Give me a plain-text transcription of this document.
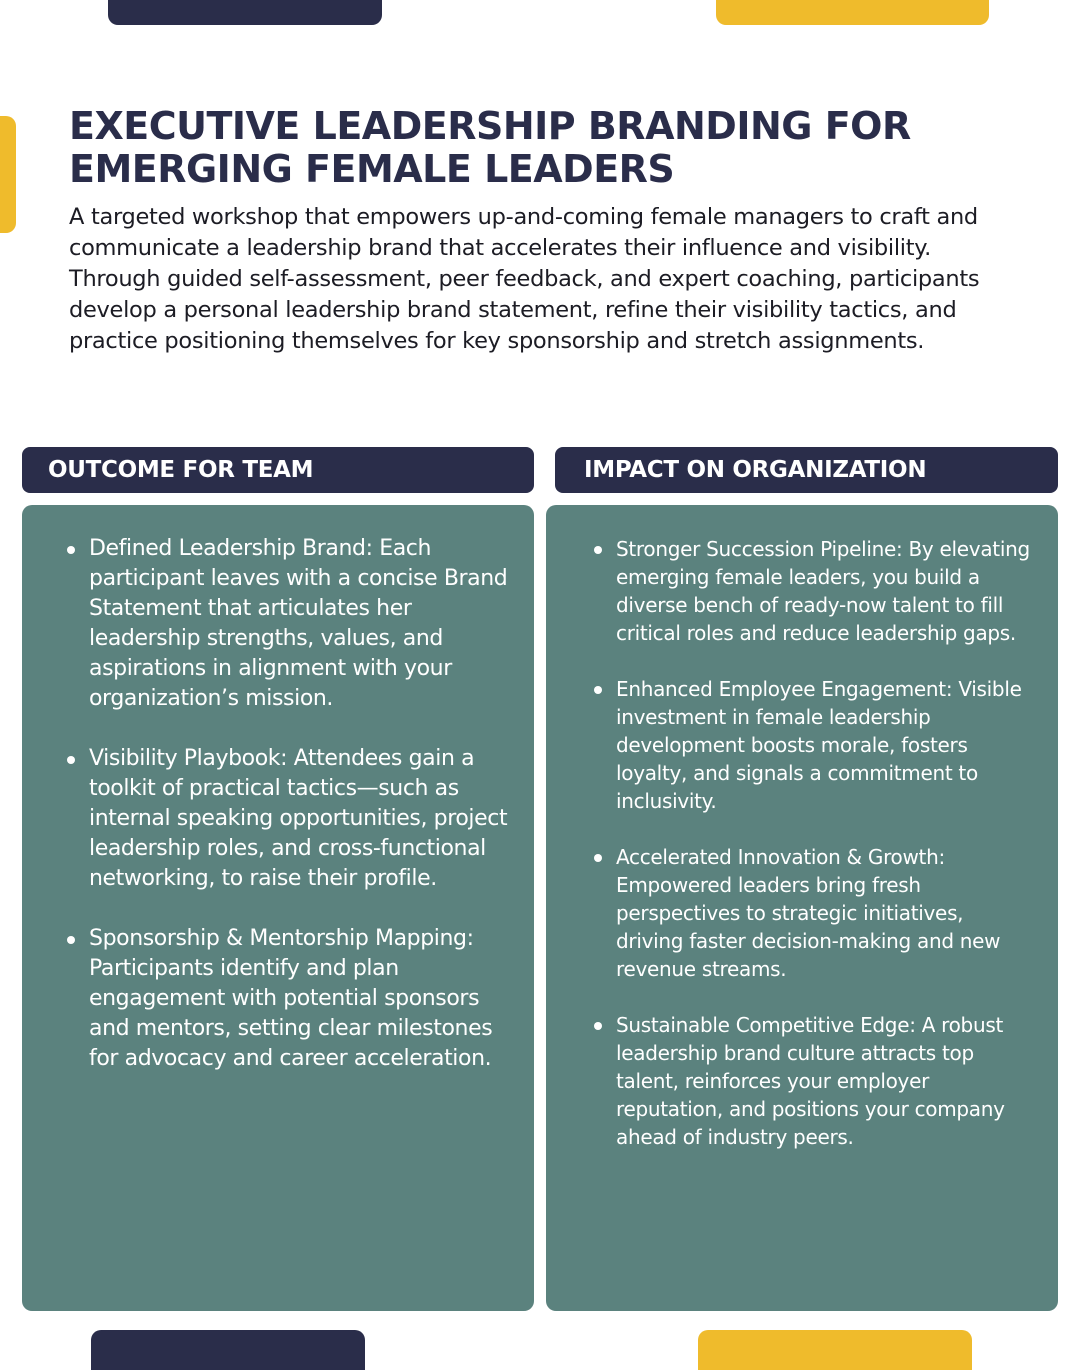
EXECUTIVE LEADERSHIP BRANDING FOR EMERGING FEMALE LEADERS

A targeted workshop that empowers up-and-coming female managers to craft and communicate a leadership brand that accelerates their influence and visibility. Through guided self-assessment, peer feedback, and expert coaching, participants develop a personal leadership brand statement, refine their visibility tactics, and practice positioning themselves for key sponsorship and stretch assignments.

OUTCOME FOR TEAM	IMPACT ON ORGANIZATION
Defined Leadership Brand: Each participant leaves with a concise Brand Statement that articulates her leadership strengths, values, and aspirations in alignment with your organization’s mission.
Visibility Playbook: Attendees gain a toolkit of practical tactics—such as internal speaking opportunities, project leadership roles, and cross-functional networking, to raise their profile.
Sponsorship & Mentorship Mapping: Participants identify and plan engagement with potential sponsors and mentors, setting clear milestones for advocacy and career acceleration.
Stronger Succession Pipeline: By elevating emerging female leaders, you build a diverse bench of ready-now talent to fill critical roles and reduce leadership gaps.
Enhanced Employee Engagement: Visible investment in female leadership development boosts morale, fosters loyalty, and signals a commitment to inclusivity.
Accelerated Innovation & Growth: Empowered leaders bring fresh perspectives to strategic initiatives, driving faster decision-making and new revenue streams.
Sustainable Competitive Edge: A robust leadership brand culture attracts top talent, reinforces your employer reputation, and positions your company ahead of industry peers.
